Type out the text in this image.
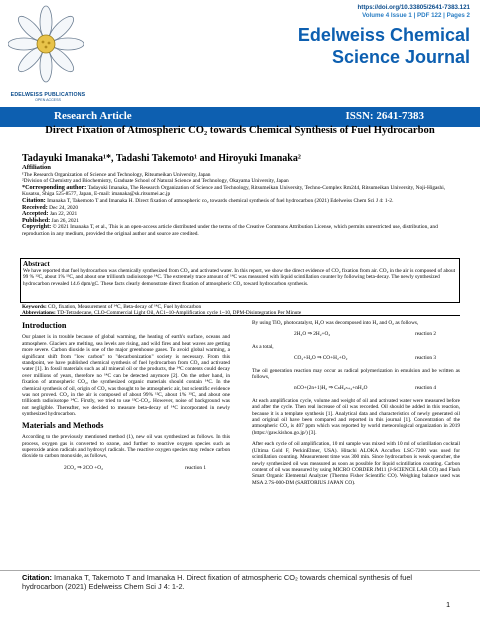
EDELWEISS PUBLICATIONS
OPEN ACCESS
https://doi.org/10.33805/2641-7383.121
Volume 4 Issue 1 | PDF 122 | Pages 2
Edelweiss Chemical
Science Journal
Research Article	ISSN: 2641-7383
Direct Fixation of Atmospheric CO₂ towards Chemical Synthesis of Fuel Hydrocarbon
Tadayuki Imanaka¹*, Tadashi Takemoto¹ and Hiroyuki Imanaka²
Affiliation
¹The Research Organization of Science and Technology, Ritsumeikan University, Japan
²Division of Chemistry and Biochemistry, Graduate School of Natural Science and Technology, Okayama University, Japan
*Corresponding author: Tadayuki Imanaka, The Research Organization of Science and Technology, Ritsumeikan University, Techno-Complex Rm244, Ritsumeikan University, Noji-Higashi, Kusatsu, Shiga 525-8577, Japan, E-mail: imanaka@sk.ritsumei.ac.jp
Citation: Imanaka T, Takemoto T and Imanaka H. Direct fixation of atmospheric co₂ towards chemical synthesis of fuel hydrocarbon (2021) Edelweiss Chem Sci J 4: 1-2.
Received: Dec 24, 2020
Accepted: Jan 22, 2021
Published: Jan 26, 2021
Copyright: © 2021 Imanaka T, et al., This is an open-access article distributed under the terms of the Creative Commons Attribution License, which permits unrestricted use, distribution, and reproduction in any medium, provided the original author and source are credited.
Abstract
We have reported that fuel hydrocarbon was chemically synthesized from CO₂ and activated water. In this report, we show the direct evidence of CO₂ fixation from air. CO₂ in the air is composed of about 99 % ¹²C, about 1% ¹³C, and about one trillionth radioisotope ¹⁴C. The extremely trace amount of ¹⁴C was measured with liquid scintillation counter by following beta-decay. The newly synthesized hydrocarbon revealed 14.6 dpm/gC. These facts clearly demonstrate direct fixation of atmospheric CO₂ toward hydrocarbon synthesis.
Keywords: CO₂ fixation, Measurement of ¹⁴C, Beta-decay of ¹⁴C, Fuel hydrocarbon
Abbreviations: TD-Tetradecane, CLO-Commercial Light Oil, AC1~10-Amplification cycle 1~10, DPM-Disintegration Per Minute
Introduction

Our planet is in trouble because of global warming, the heating of earth's surface, oceans and atmosphere. Glaciers are melting, sea levels are rising, and wild fires and heat waves are getting more severe. Carbon dioxide is one of the major greenhouse gases. To avoid global warming, a significant shift from "low carbon" to "decarbonization" society is necessary. From this standpoint, we have published chemical synthesis of fuel hydrocarbon from CO₂ and activated water [1]. In fossil materials such as all mineral oil or the products, the ¹⁴C contents could decay over millions of years, therefore no ¹⁴C can be detected anymore [2]. On the other hand, in fixation of atmospheric CO₂, the synthesized organic materials should contain ¹⁴C. In the chemical synthesis of oil, origin of CO₂ was thought to be atmospheric air, but scientific evidence was not proved. CO₂ in the air is composed of about 99% ¹²C, about 1% ¹³C, and about one trillionth radioisotope ¹⁴C. Firstly, we tried to use ¹³C-CO₂. However, noise of background was not negligible. Thereafter, we decided to measure beta-decay of ¹⁴C incorporated in newly synthesized hydrocarbon.

Materials and Methods

According to the previously mentioned method (1), new oil was synthesized as follows. In this process, oxygen gas is converted to ozone, and further to reactive oxygen species such as superoxide anion radicals and hydroxyl radicals. The reactive oxygen species may reduce carbon dioxide to carbon monoxide, as follows,

2CO₂ ⇒ 2CO +O₂	reaction 1

By using TiO₂ photocatalyst, H₂O was decomposed into H₂ and O₂ as follows,

2H₂O ⇒ 2H₂+O₂	reaction 2

As a total,

CO₂+H₂O ⇒ CO+H₂+O₂	reaction 3

The oil generation reaction may occur as radical polymerization in emulsion and be written as follows,

nCO+(2n+1)H₂ ⇒ CₙH₂ₙ₊₂+nH₂O	reaction 4

At each amplification cycle, volume and weight of oil and activated water were measured before and after the cycle. Then real increase of oil was recorded. Oil should be added in this reaction, because it is a template synthesis [1]. Analytical data and characteristics of newly generated oil and original oil have been compared and reported in this journal [1]. Concentration of the atmospheric CO₂ is 407 ppm which was reported by world meteorological organization in 2019 (https://gaw.kishou.go.jp/) [3].

After each cycle of oil amplification, 10 ml sample was mixed with 10 ml of scintillation cocktail (Ultima Gold F, PerkinElmer, USA). Hitachi ALOKA Accuflex LSC-7200 was used for scintillation counting. Measurement time was 300 min. Since hydrocarbon is weak quencher, the newly synthesized oil was measured as soon as possible for liquid scintillation counting. Carbon content of oil was measured by using MICRO CORDER JM11 (J-SCIENCE LAB CO) and Flash Smart Organic Elemental Analyzer (Thermo Fisher Scientific CO). Weighing balance used was MSA 2.7S-000-DM (SARTORIUS JAPAN CO).

Citation: Imanaka T, Takemoto T and Imanaka H. Direct fixation of atmospheric CO₂ towards chemical synthesis of fuel hydrocarbon (2021) Edelweiss Chem Sci J 4: 1-2.
1
